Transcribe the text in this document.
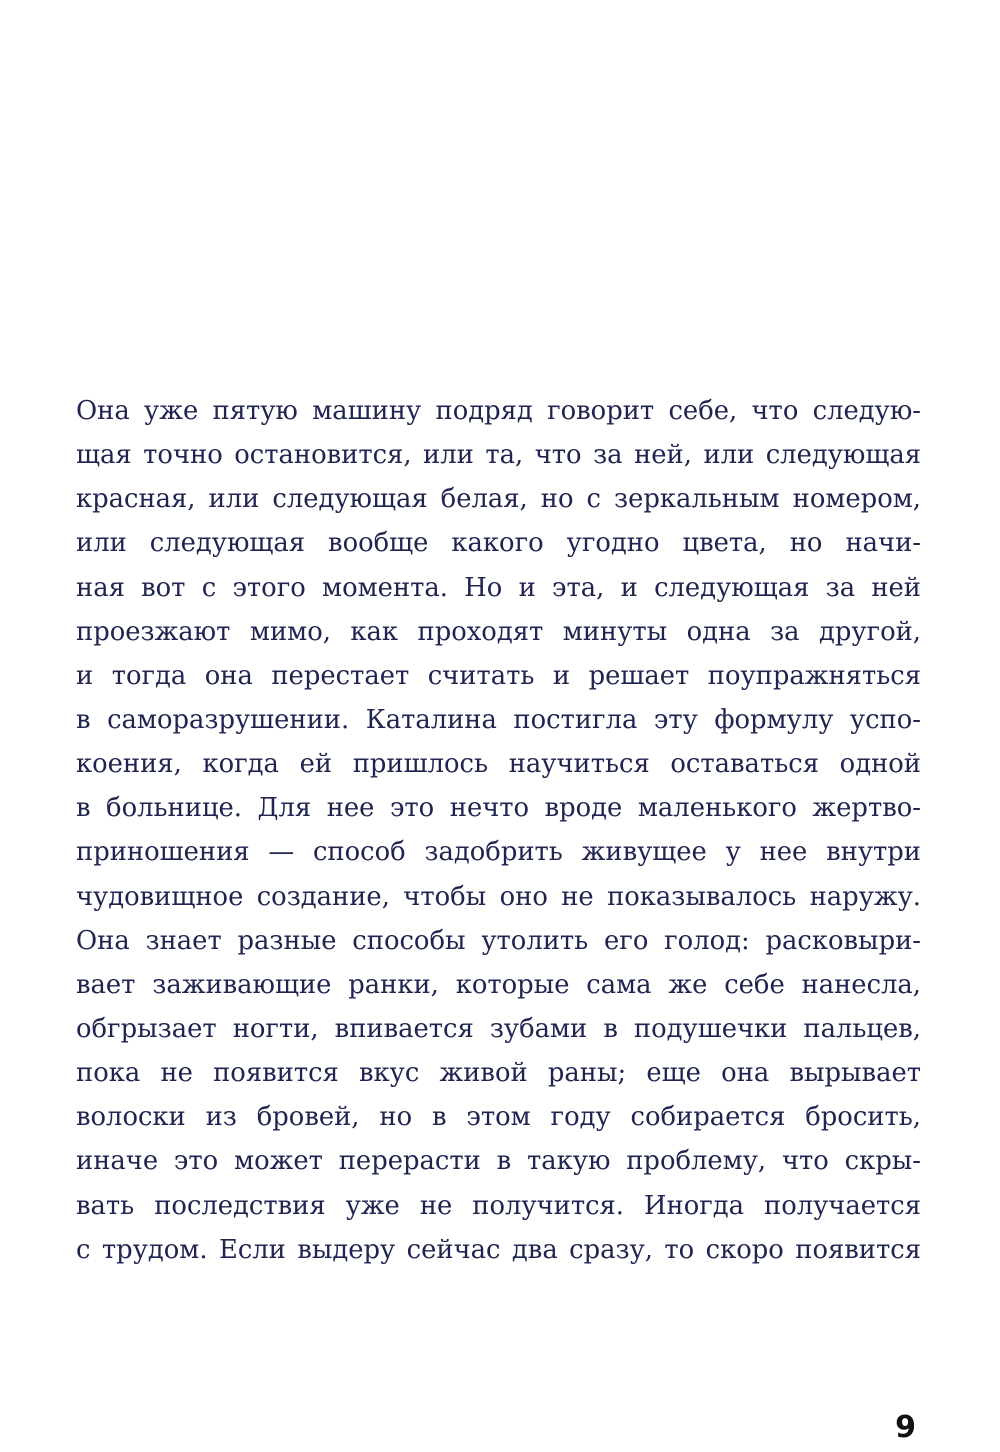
Она уже пятую машину подряд говорит себе, что следую-
щая точно остановится, или та, что за ней, или следующая
красная, или следующая белая, но с зеркальным номером,
или следующая вообще какого угодно цвета, но начи-
ная вот с этого момента. Но и эта, и следующая за ней
проезжают мимо, как проходят минуты одна за другой,
и тогда она перестает считать и решает поупражняться
в саморазрушении. Каталина постигла эту формулу успо-
коения, когда ей пришлось научиться оставаться одной
в больнице. Для нее это нечто вроде маленького жертво-
приношения — способ задобрить живущее у нее внутри
чудовищное создание, чтобы оно не показывалось наружу.
Она знает разные способы утолить его голод: расковыри-
вает заживающие ранки, которые сама же себе нанесла,
обгрызает ногти, впивается зубами в подушечки пальцев,
пока не появится вкус живой раны; еще она вырывает
волоски из бровей, но в этом году собирается бросить,
иначе это может перерасти в такую проблему, что скры-
вать последствия уже не получится. Иногда получается
с трудом. Если выдеру сейчас два сразу, то скоро появится
9
